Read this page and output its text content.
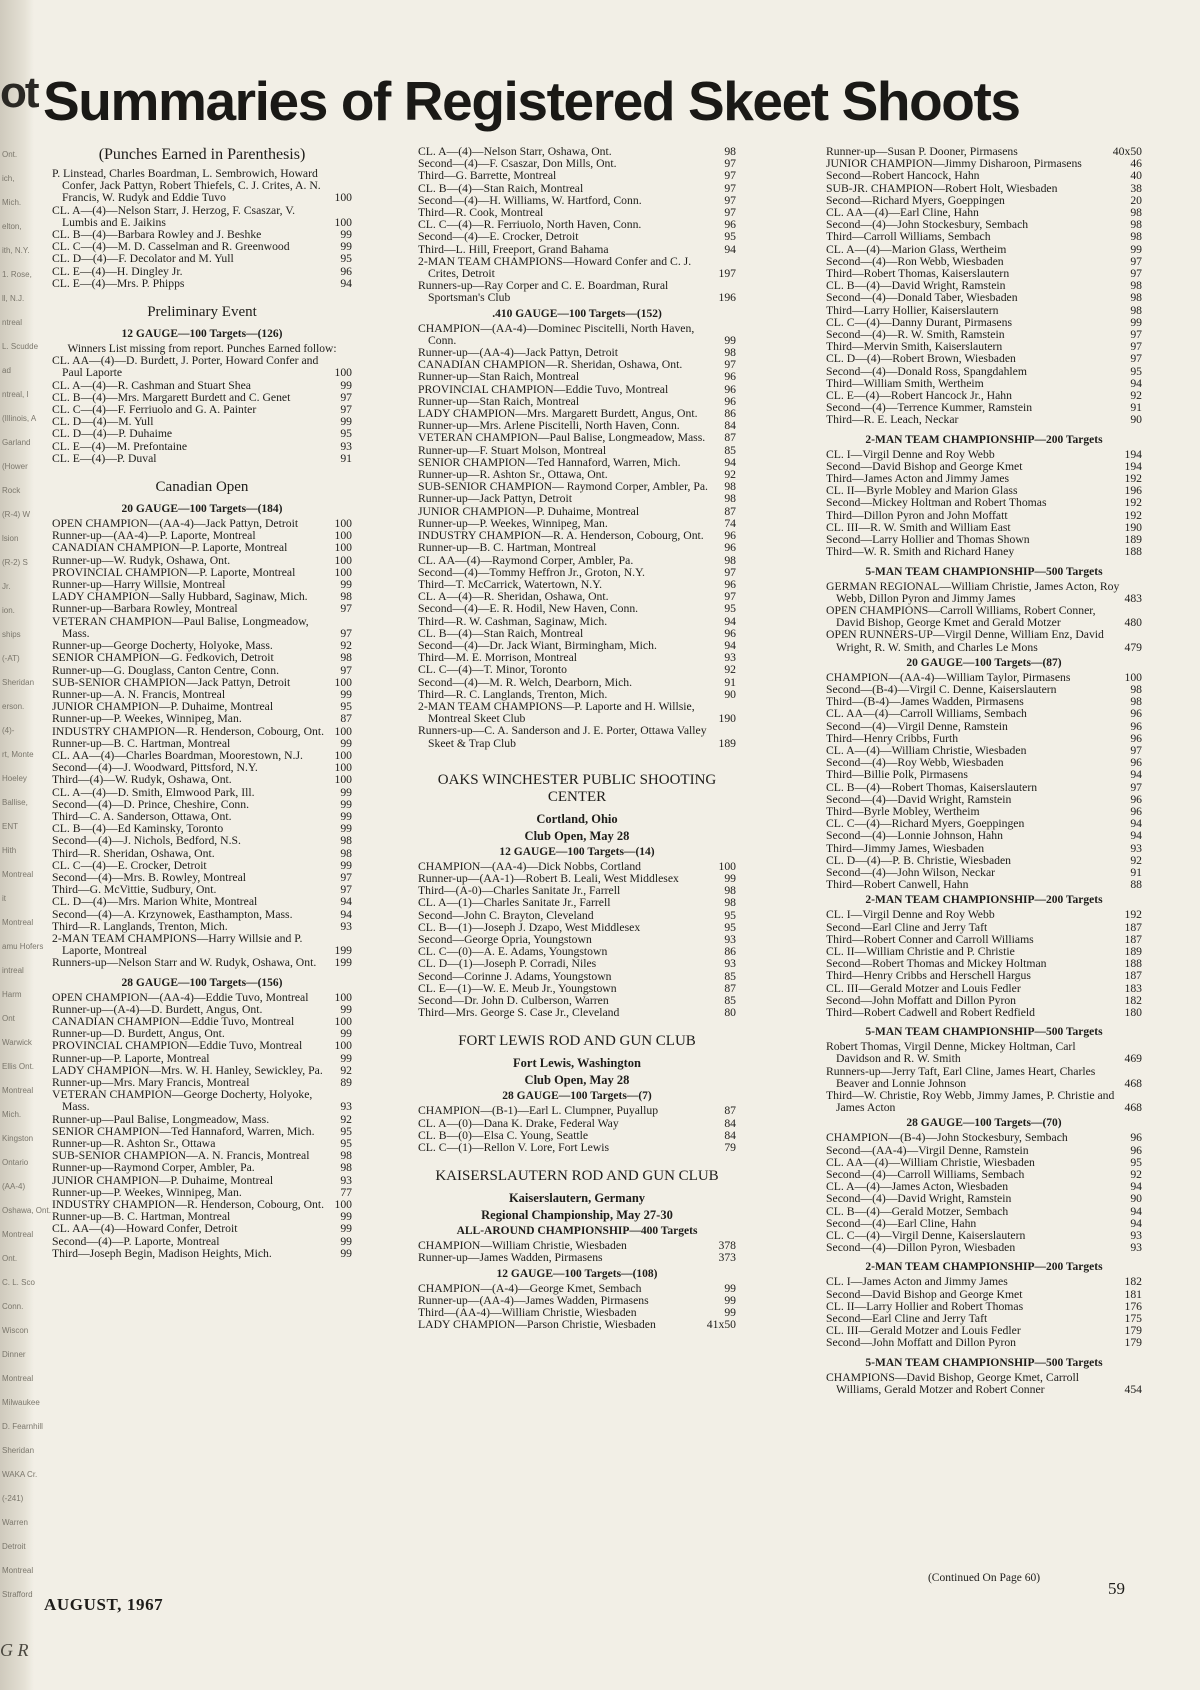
Ont.
ich,
Mich.
elton,
ith, N.Y.
1. Rose,
ll, N.J.
ntreal
L. Scudde
ad
ntreal, I
(Illinois, A
Garland
(Hower
Rock
(R-4) W
lsion
(R-2) S
Jr.
ion.
ships
(-AT)
Sheridan
erson.
(4)-
rt, Monte
Hoeley
Ballise,
ENT
Hith
Montreal
it
Montreal
amu Hofers
intreal
Harm
Ont
Warwick
Ellis Ont.
Montreal
Mich.
Kingston
Ontario
(AA-4)
Oshawa, Ont.
Montreal
Ont.
C. L. Sco
Conn.
Wiscon
Dinner
Montreal
Milwaukee
D. Fearnhill
Sheridan
WAKA Cr.
(-241)
Warren
Detroit
Montreal
Strafford
ot
G R
Summaries of Registered Skeet Shoots
(Punches Earned in Parenthesis)
P. Linstead, Charles Boardman, L. Sembrowich, Howard Confer, Jack Pattyn, Robert Thiefels, C. J. Crites, A. N. Francis, W. Rudyk and Eddie Tuvo	100
CL. A—(4)—Nelson Starr, J. Herzog, F. Csaszar, V. Lumbis and E. Jaikins	100
CL. B—(4)—Barbara Rowley and J. Beshke	99
CL. C—(4)—M. D. Casselman and R. Greenwood	99
CL. D—(4)—F. Decolator and M. Yull	95
CL. E—(4)—H. Dingley Jr.	96
CL. E—(4)—Mrs. P. Phipps	94
Preliminary Event
12 GAUGE—100 Targets—(126)
Winners List missing from report. Punches Earned follow:
CL. AA—(4)—D. Burdett, J. Porter, Howard Confer and Paul Laporte	100
CL. A—(4)—R. Cashman and Stuart Shea	99
CL. B—(4)—Mrs. Margarett Burdett and C. Genet	97
CL. C—(4)—F. Ferriuolo and G. A. Painter	97
CL. D—(4)—M. Yull	99
CL. D—(4)—P. Duhaime	95
CL. E—(4)—M. Prefontaine	93
CL. E—(4)—P. Duval	91
Canadian Open
20 GAUGE—100 Targets—(184)
OPEN CHAMPION—(AA-4)—Jack Pattyn, Detroit	100
Runner-up—(AA-4)—P. Laporte, Montreal	100
CANADIAN CHAMPION—P. Laporte, Montreal	100
Runner-up—W. Rudyk, Oshawa, Ont.	100
PROVINCIAL CHAMPION—P. Laporte, Montreal	100
Runner-up—Harry Willsie, Montreal	99
LADY CHAMPION—Sally Hubbard, Saginaw, Mich.	98
Runner-up—Barbara Rowley, Montreal	97
VETERAN CHAMPION—Paul Balise, Longmeadow, Mass.	97
Runner-up—George Docherty, Holyoke, Mass.	92
SENIOR CHAMPION—G. Fedkovich, Detroit	98
Runner-up—G. Douglass, Canton Centre, Conn.	97
SUB-SENIOR CHAMPION—Jack Pattyn, Detroit	100
Runner-up—A. N. Francis, Montreal	99
JUNIOR CHAMPION—P. Duhaime, Montreal	95
Runner-up—P. Weekes, Winnipeg, Man.	87
INDUSTRY CHAMPION—R. Henderson, Cobourg, Ont. 100
Runner-up—B. C. Hartman, Montreal	99
CL. AA—(4)—Charles Boardman, Moorestown, N.J.	100
Second—(4)—J. Woodward, Pittsford, N.Y.	100
Third—(4)—W. Rudyk, Oshawa, Ont.	100
CL. A—(4)—D. Smith, Elmwood Park, Ill.	99
Second—(4)—D. Prince, Cheshire, Conn.	99
Third—C. A. Sanderson, Ottawa, Ont.	99
CL. B—(4)—Ed Kaminsky, Toronto	99
Second—(4)—J. Nichols, Bedford, N.S.	98
Third—R. Sheridan, Oshawa, Ont.	98
CL. C—(4)—E. Crocker, Detroit	99
Second—(4)—Mrs. B. Rowley, Montreal	97
Third—G. McVittie, Sudbury, Ont.	97
CL. D—(4)—Mrs. Marion White, Montreal	94
Second—(4)—A. Krzynowek, Easthampton, Mass.	94
Third—R. Langlands, Trenton, Mich.	93
2-MAN TEAM CHAMPIONS—Harry Willsie and P. Laporte, Montreal	199
Runners-up—Nelson Starr and W. Rudyk, Oshawa, Ont.	199
28 GAUGE—100 Targets—(156)
OPEN CHAMPION—(AA-4)—Eddie Tuvo, Montreal	100
Runner-up—(A-4)—D. Burdett, Angus, Ont.	99
CANADIAN CHAMPION—Eddie Tuvo, Montreal	100
Runner-up—D. Burdett, Angus, Ont.	99
PROVINCIAL CHAMPION—Eddie Tuvo, Montreal	100
Runner-up—P. Laporte, Montreal	99
LADY CHAMPION—Mrs. W. H. Hanley, Sewickley, Pa.	92
Runner-up—Mrs. Mary Francis, Montreal	89
VETERAN CHAMPION—George Docherty, Holyoke, Mass.	93
Runner-up—Paul Balise, Longmeadow, Mass.	92
SENIOR CHAMPION—Ted Hannaford, Warren, Mich.	95
Runner-up—R. Ashton Sr., Ottawa	95
SUB-SENIOR CHAMPION—A. N. Francis, Montreal	98
Runner-up—Raymond Corper, Ambler, Pa.	98
JUNIOR CHAMPION—P. Duhaime, Montreal	93
Runner-up—P. Weekes, Winnipeg, Man.	77
INDUSTRY CHAMPION—R. Henderson, Cobourg, Ont. 100
Runner-up—B. C. Hartman, Montreal	99
CL. AA—(4)—Howard Confer, Detroit	99
Second—(4)—P. Laporte, Montreal	99
Third—Joseph Begin, Madison Heights, Mich.	99
CL. A—(4)—Nelson Starr, Oshawa, Ont.	98
Second—(4)—F. Csaszar, Don Mills, Ont.	97
Third—G. Barrette, Montreal	97
CL. B—(4)—Stan Raich, Montreal	97
Second—(4)—H. Williams, W. Hartford, Conn.	97
Third—R. Cook, Montreal	97
CL. C—(4)—R. Ferriuolo, North Haven, Conn.	96
Second—(4)—E. Crocker, Detroit	95
Third—L. Hill, Freeport, Grand Bahama	94
2-MAN TEAM CHAMPIONS—Howard Confer and C. J. Crites, Detroit	197
Runners-up—Ray Corper and C. E. Boardman, Rural Sportsman's Club	196
.410 GAUGE—100 Targets—(152)
CHAMPION—(AA-4)—Dominec Piscitelli, North Haven, Conn.	99
Runner-up—(AA-4)—Jack Pattyn, Detroit	98
CANADIAN CHAMPION—R. Sheridan, Oshawa, Ont.	97
Runner-up—Stan Raich, Montreal	96
PROVINCIAL CHAMPION—Eddie Tuvo, Montreal	96
Runner-up—Stan Raich, Montreal	96
LADY CHAMPION—Mrs. Margarett Burdett, Angus, Ont.	86
Runner-up—Mrs. Arlene Piscitelli, North Haven, Conn.	84
VETERAN CHAMPION—Paul Balise, Longmeadow, Mass.	87
Runner-up—F. Stuart Molson, Montreal	85
SENIOR CHAMPION—Ted Hannaford, Warren, Mich.	94
Runner-up—R. Ashton Sr., Ottawa, Ont.	92
SUB-SENIOR CHAMPION— Raymond Corper, Ambler, Pa.	98
Runner-up—Jack Pattyn, Detroit	98
JUNIOR CHAMPION—P. Duhaime, Montreal	87
Runner-up—P. Weekes, Winnipeg, Man.	74
INDUSTRY CHAMPION—R. A. Henderson, Cobourg, Ont.	96
Runner-up—B. C. Hartman, Montreal	96
CL. AA—(4)—Raymond Corper, Ambler, Pa.	98
Second—(4)—Tommy Heffron Jr., Groton, N.Y.	97
Third—T. McCarrick, Watertown, N.Y.	96
CL. A—(4)—R. Sheridan, Oshawa, Ont.	97
Second—(4)—E. R. Hodil, New Haven, Conn.	95
Third—R. W. Cashman, Saginaw, Mich.	94
CL. B—(4)—Stan Raich, Montreal	96
Second—(4)—Dr. Jack Wiant, Birmingham, Mich.	94
Third—M. E. Morrison, Montreal	93
CL. C—(4)—T. Minor, Toronto	92
Second—(4)—M. R. Welch, Dearborn, Mich.	91
Third—R. C. Langlands, Trenton, Mich.	90
2-MAN TEAM CHAMPIONS—P. Laporte and H. Willsie, Montreal Skeet Club	190
Runners-up—C. A. Sanderson and J. E. Porter, Ottawa Valley Skeet & Trap Club	189
OAKS WINCHESTER PUBLIC SHOOTING CENTER
Cortland, Ohio
Club Open, May 28
12 GAUGE—100 Targets—(14)
CHAMPION—(AA-4)—Dick Nobbs, Cortland	100
Runner-up—(AA-1)—Robert B. Leali, West Middlesex	99
Third—(A-0)—Charles Sanitate Jr., Farrell	98
CL. A—(1)—Charles Sanitate Jr., Farrell	98
Second—John C. Brayton, Cleveland	95
CL. B—(1)—Joseph J. Dzapo, West Middlesex	95
Second—George Opria, Youngstown	93
CL. C—(0)—A. E. Adams, Youngstown	86
CL. D—(1)—Joseph P. Corradi, Niles	93
Second—Corinne J. Adams, Youngstown	85
CL. E—(1)—W. E. Meub Jr., Youngstown	87
Second—Dr. John D. Culberson, Warren	85
Third—Mrs. George S. Case Jr., Cleveland	80
FORT LEWIS ROD AND GUN CLUB
Fort Lewis, Washington
Club Open, May 28
28 GAUGE—100 Targets—(7)
CHAMPION—(B-1)—Earl L. Clumpner, Puyallup	87
CL. A—(0)—Dana K. Drake, Federal Way	84
CL. B—(0)—Elsa C. Young, Seattle	84
CL. C—(1)—Rellon V. Lore, Fort Lewis	79
KAISERSLAUTERN ROD AND GUN CLUB
Kaiserslautern, Germany
Regional Championship, May 27-30
ALL-AROUND CHAMPIONSHIP—400 Targets
CHAMPION—William Christie, Wiesbaden	378
Runner-up—James Wadden, Pirmasens	373
12 GAUGE—100 Targets—(108)
CHAMPION—(A-4)—George Kmet, Sembach	99
Runner-up—(AA-4)—James Wadden, Pirmasens	99
Third—(AA-4)—William Christie, Wiesbaden	99
LADY CHAMPION—Parson Christie, Wiesbaden	41x50
Runner-up—Susan P. Dooner, Pirmasens	40x50
JUNIOR CHAMPION—Jimmy Disharoon, Pirmasens	46
Second—Robert Hancock, Hahn	40
SUB-JR. CHAMPION—Robert Holt, Wiesbaden	38
Second—Richard Myers, Goeppingen	20
CL. AA—(4)—Earl Cline, Hahn	98
Second—(4)—John Stockesbury, Sembach	98
Third—Carroll Williams, Sembach	98
CL. A—(4)—Marion Glass, Wertheim	99
Second—(4)—Ron Webb, Wiesbaden	97
Third—Robert Thomas, Kaiserslautern	97
CL. B—(4)—David Wright, Ramstein	98
Second—(4)—Donald Taber, Wiesbaden	98
Third—Larry Hollier, Kaiserslautern	98
CL. C—(4)—Danny Durant, Pirmasens	99
Second—(4)—R. W. Smith, Ramstein	97
Third—Mervin Smith, Kaiserslautern	97
CL. D—(4)—Robert Brown, Wiesbaden	97
Second—(4)—Donald Ross, Spangdahlem	95
Third—William Smith, Wertheim	94
CL. E—(4)—Robert Hancock Jr., Hahn	92
Second—(4)—Terrence Kummer, Ramstein	91
Third—R. E. Leach, Neckar	90
2-MAN TEAM CHAMPIONSHIP—200 Targets
CL. I—Virgil Denne and Roy Webb	194
Second—David Bishop and George Kmet	194
Third—James Acton and Jimmy James	192
CL. II—Byrle Mobley and Marion Glass	196
Second—Mickey Holtman and Robert Thomas	192
Third—Dillon Pyron and John Moffatt	192
CL. III—R. W. Smith and William East	190
Second—Larry Hollier and Thomas Shown	189
Third—W. R. Smith and Richard Haney	188
5-MAN TEAM CHAMPIONSHIP—500 Targets
GERMAN REGIONAL—William Christie, James Acton, Roy Webb, Dillon Pyron and Jimmy James	483
OPEN CHAMPIONS—Carroll Williams, Robert Conner, David Bishop, George Kmet and Gerald Motzer	480
OPEN RUNNERS-UP—Virgil Denne, William Enz, David Wright, R. W. Smith, and Charles Le Mons	479
20 GAUGE—100 Targets—(87)
CHAMPION—(AA-4)—William Taylor, Pirmasens	100
Second—(B-4)—Virgil C. Denne, Kaiserslautern	98
Third—(B-4)—James Wadden, Pirmasens	98
CL. AA—(4)—Carroll Williams, Sembach	96
Second—(4)—Virgil Denne, Ramstein	96
Third—Henry Cribbs, Furth	96
CL. A—(4)—William Christie, Wiesbaden	97
Second—(4)—Roy Webb, Wiesbaden	96
Third—Billie Polk, Pirmasens	94
CL. B—(4)—Robert Thomas, Kaiserslautern	97
Second—(4)—David Wright, Ramstein	96
Third—Byrle Mobley, Wertheim	96
CL. C—(4)—Richard Myers, Goeppingen	94
Second—(4)—Lonnie Johnson, Hahn	94
Third—Jimmy James, Wiesbaden	93
CL. D—(4)—P. B. Christie, Wiesbaden	92
Second—(4)—John Wilson, Neckar	91
Third—Robert Canwell, Hahn	88
2-MAN TEAM CHAMPIONSHIP—200 Targets
CL. I—Virgil Denne and Roy Webb	192
Second—Earl Cline and Jerry Taft	187
Third—Robert Conner and Carroll Williams	187
CL. II—William Christie and P. Christie	189
Second—Robert Thomas and Mickey Holtman	188
Third—Henry Cribbs and Herschell Hargus	187
CL. III—Gerald Motzer and Louis Fedler	183
Second—John Moffatt and Dillon Pyron	182
Third—Robert Cadwell and Robert Redfield	180
5-MAN TEAM CHAMPIONSHIP—500 Targets
Robert Thomas, Virgil Denne, Mickey Holtman, Carl Davidson and R. W. Smith	469
Runners-up—Jerry Taft, Earl Cline, James Heart, Charles Beaver and Lonnie Johnson	468
Third—W. Christie, Roy Webb, Jimmy James, P. Christie and James Acton	468
28 GAUGE—100 Targets—(70)
CHAMPION—(B-4)—John Stockesbury, Sembach	96
Second—(AA-4)—Virgil Denne, Ramstein	96
CL. AA—(4)—William Christie, Wiesbaden	95
Second—(4)—Carroll Williams, Sembach	92
CL. A—(4)—James Acton, Wiesbaden	94
Second—(4)—David Wright, Ramstein	90
CL. B—(4)—Gerald Motzer, Sembach	94
Second—(4)—Earl Cline, Hahn	94
CL. C—(4)—Virgil Denne, Kaiserslautern	93
Second—(4)—Dillon Pyron, Wiesbaden	93
2-MAN TEAM CHAMPIONSHIP—200 Targets
CL. I—James Acton and Jimmy James	182
Second—David Bishop and George Kmet	181
CL. II—Larry Hollier and Robert Thomas	176
Second—Earl Cline and Jerry Taft	175
CL. III—Gerald Motzer and Louis Fedler	179
Second—John Moffatt and Dillon Pyron	179
5-MAN TEAM CHAMPIONSHIP—500 Targets
CHAMPIONS—David Bishop, George Kmet, Carroll Williams, Gerald Motzer and Robert Conner	454
(Continued On Page 60)
AUGUST, 1967
59
